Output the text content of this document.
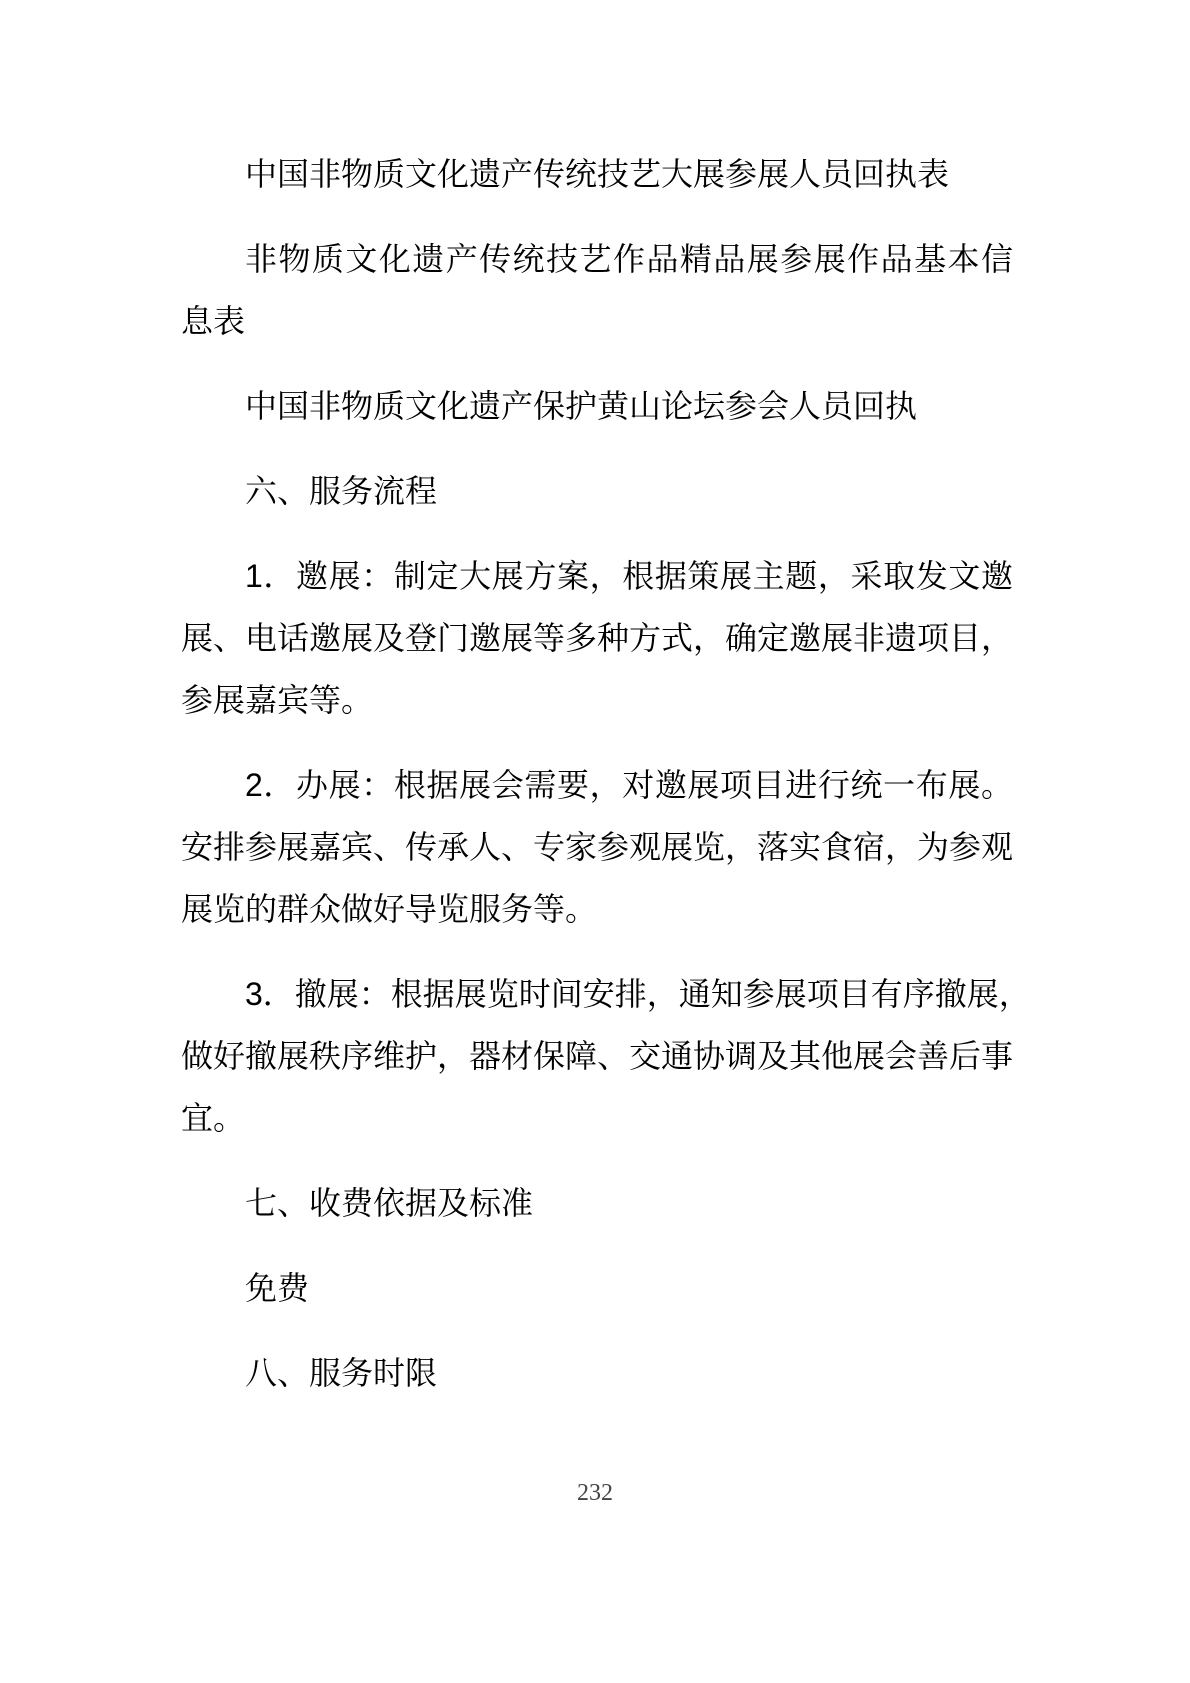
中国非物质文化遗产传统技艺大展参展人员回执表
非物质文化遗产传统技艺作品精品展参展作品基本信
息表
中国非物质文化遗产保护黄山论坛参会人员回执
六、服务流程
1．邀展：制定大展方案，根据策展主题，采取发文邀
展、电话邀展及登门邀展等多种方式，确定邀展非遗项目，
参展嘉宾等。
2．办展：根据展会需要，对邀展项目进行统一布展。
安排参展嘉宾、传承人、专家参观展览，落实食宿，为参观
展览的群众做好导览服务等。
3．撤展：根据展览时间安排，通知参展项目有序撤展，
做好撤展秩序维护，器材保障、交通协调及其他展会善后事
宜。
七、收费依据及标准
免费
八、服务时限
232
